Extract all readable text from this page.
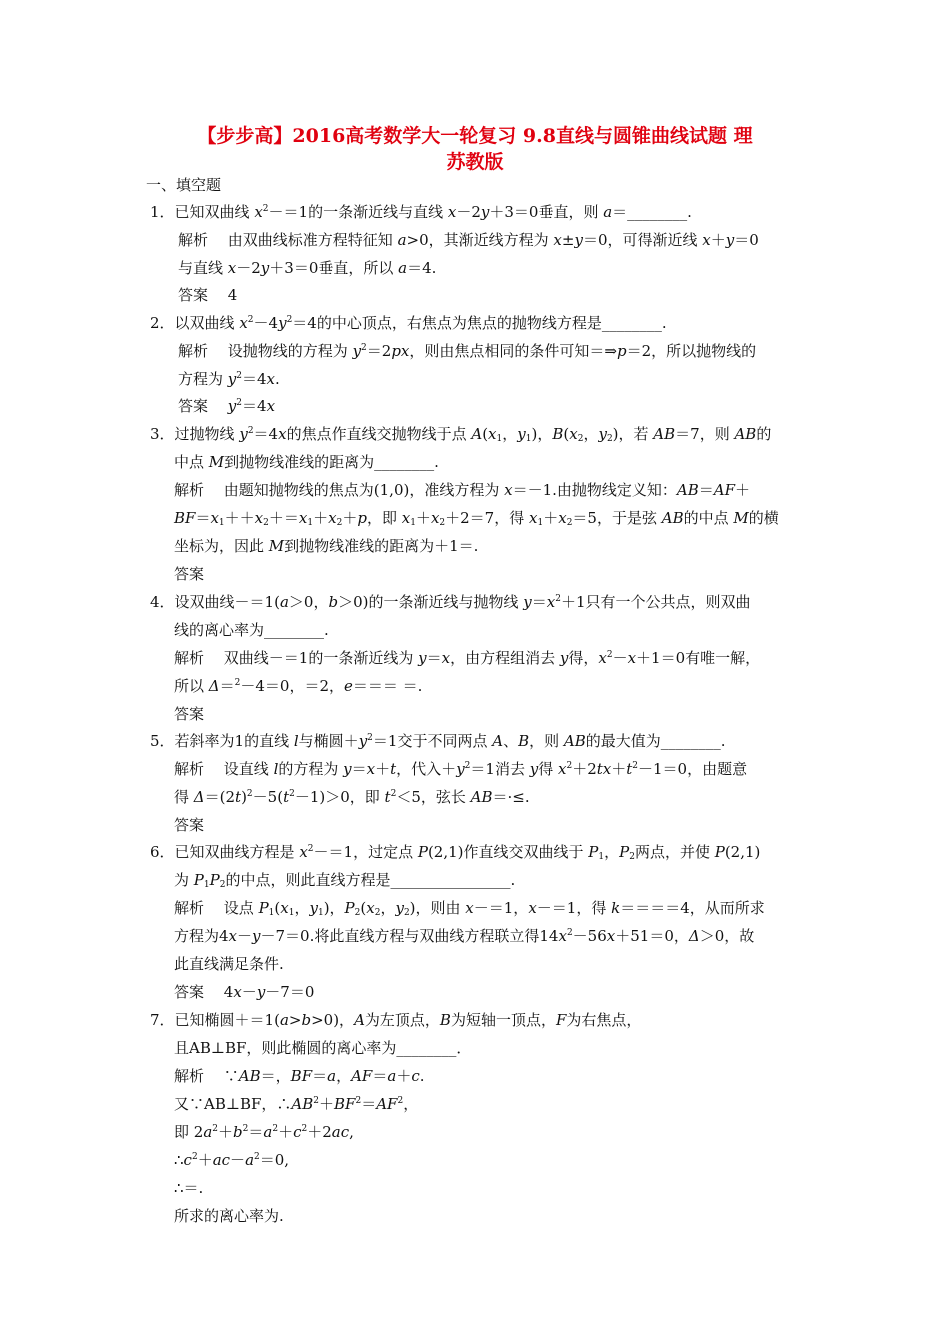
【步步高】2016高考数学大一轮复习 9.8直线与圆锥曲线试题 理
苏教版
一、填空题
1．已知双曲线 $x^2-=1$的一条渐近线与直线 x－2y＋3＝0垂直，则 a＝________.
解析　 由双曲线标准方程特征知 a>0，其渐近线方程为 x±y＝0，可得渐近线 x＋y＝0
与直线 x－2y＋3＝0垂直，所以 a＝4.
答案　 4
2．以双曲线 $x^2-4y^2=4$的中心顶点，右焦点为焦点的抛物线方程是________.
解析　 设抛物线的方程为 $y^2=2px$，则由焦点相同的条件可知＝⇒p＝2，所以抛物线的
方程为 $y^2=4x$.
答案　 $y^2=4x$
3．过抛物线 $y^2=4x$的焦点作直线交抛物线于点 $A(x_1$，$y_1$)，$B(x_2$，$y_2$)，若 AB＝7，则 AB的
中点 M到抛物线准线的距离为________.
解析　 由题知抛物线的焦点为(1,0)，准线方程为 x＝－1.由抛物线定义知：AB＝AF＋
$BF=x_1++x_2+=x_1+x_2+p$，即 $x_1+x_2+2=7$，得 $x_1+x_2=5$，于是弦 AB的中点 M的横
坐标为，因此 M到抛物线准线的距离为＋1＝.
答案
4．设双曲线－＝1(a＞0，b＞0)的一条渐近线与抛物线 $y=x^2+1$只有一个公共点，则双曲
线的离心率为________.
解析　 双曲线－＝1的一条渐近线为 y＝x，由方程组消去 y得，$x^2-x+1=0$有唯一解，
所以 Δ＝$^2$－4＝0，＝2，e＝＝＝ ＝.
答案
5．若斜率为1的直线 l与椭圆$+y^2=1$交于不同两点 A、B，则 AB的最大值为________.
解析　 设直线 l的方程为 y＝x＋t，代入$+y^2=1$消去 y得 $x^2+2tx+t^2-1=0$，由题意
得 $\Delta=(2t)^2-5(t^2-1)>0$，即 $t^2<5$，弦长 AB＝·≤.
答案
6．已知双曲线方程是 $x^2-=1$，过定点 P(2,1)作直线交双曲线于 $P_1$，$P_2$两点，并使 P(2,1)
为 $P_1P_2$的中点，则此直线方程是________________.
解析　 设点 $P_1(x_1$，$y_1$)，$P_2(x_2$，$y_2$)，则由 x－＝1，x－＝1，得 k＝＝＝＝4，从而所求
方程为4x－y－7＝0.将此直线方程与双曲线方程联立得$14x^2-56x+51=0$，Δ＞0，故
此直线满足条件.
答案　 4x－y－7＝0
7．已知椭圆＋＝1(a>b>0)，A为左顶点，B为短轴一顶点，F为右焦点，
且AB⊥BF，则此椭圆的离心率为________．
解析　 ∵AB＝，BF＝a，AF＝a＋c.
又∵AB⊥BF，$\therefore AB^2+BF^2=AF^2$，
即 $2a^2+b^2=a^2+c^2+2ac$,
$\therefore c^2+ac-a^2=0$,
∴＝.
所求的离心率为.
